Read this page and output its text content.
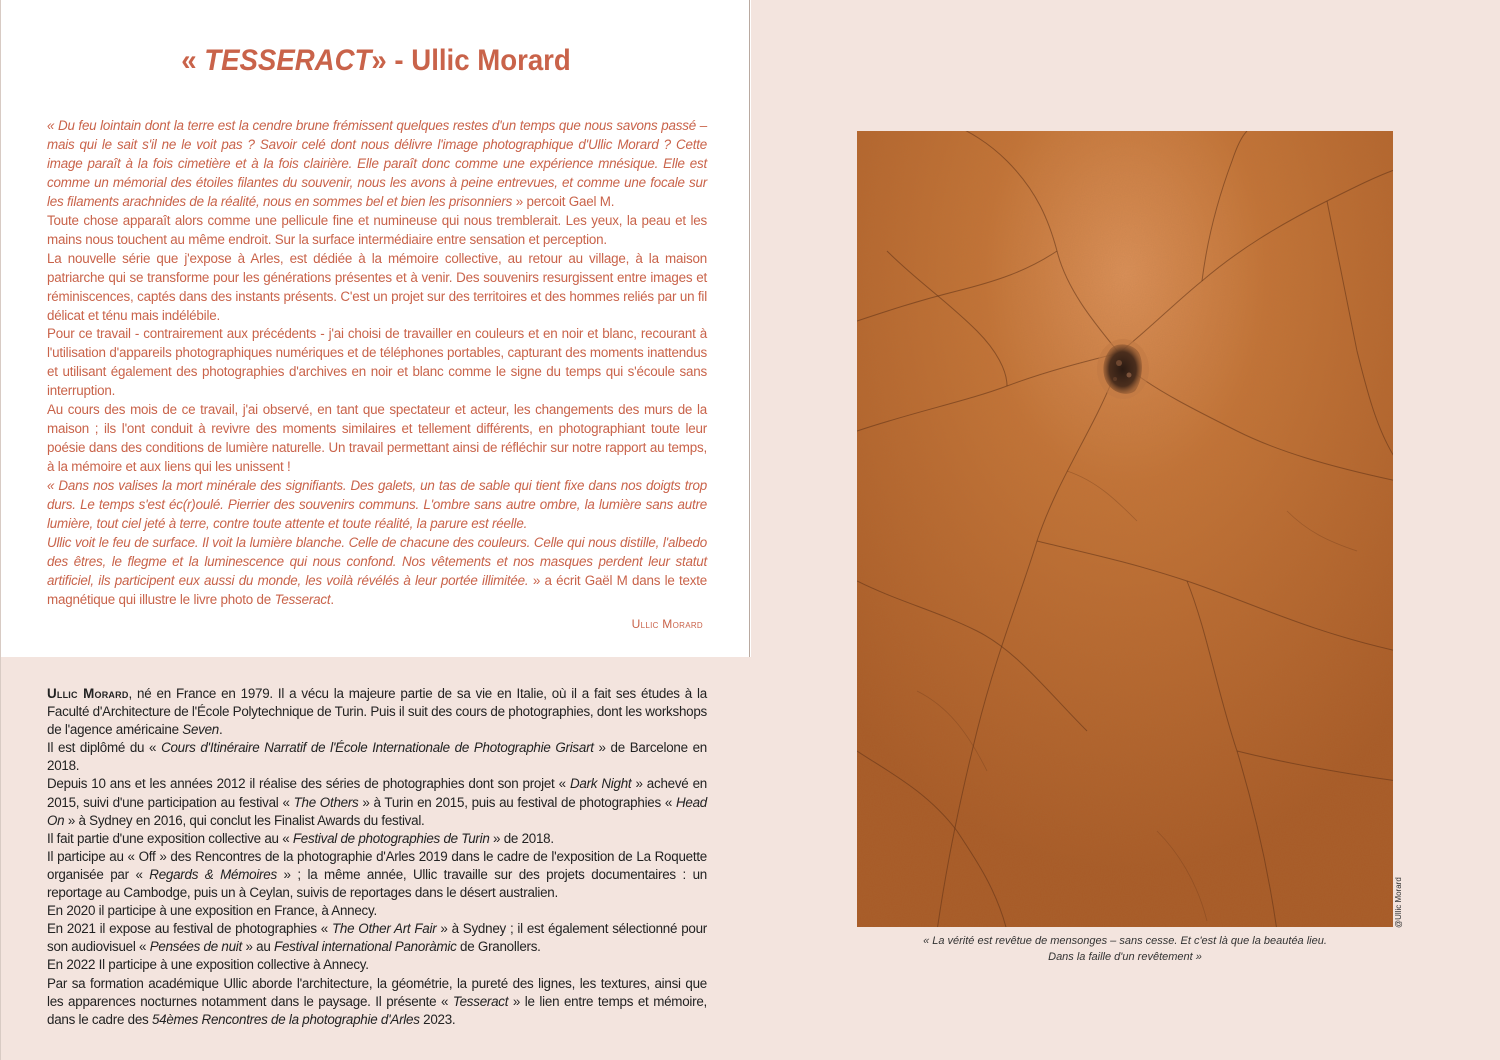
« TESSERACT» - Ullic Morard

« Du feu lointain dont la terre est la cendre brune frémissent quelques restes d'un temps que nous savons passé – mais qui le sait s'il ne le voit pas ? Savoir celé dont nous délivre l'image photographique d'Ullic Morard ? Cette image paraît à la fois cimetière et à la fois clairière. Elle paraît donc comme une expérience mnésique. Elle est comme un mémorial des étoiles filantes du souvenir, nous les avons à peine entrevues, et comme une focale sur les filaments arachnides de la réalité, nous en sommes bel et bien les prisonniers » percoit Gael M.

Toute chose apparaît alors comme une pellicule fine et numineuse qui nous tremblerait. Les yeux, la peau et les mains nous touchent au même endroit. Sur la surface intermédiaire entre sensation et perception.

La nouvelle série que j'expose à Arles, est dédiée à la mémoire collective, au retour au village, à la maison patriarche qui se transforme pour les générations présentes et à venir. Des souvenirs resurgissent entre images et réminiscences, captés dans des instants présents. C'est un projet sur des territoires et des hommes reliés par un fil délicat et ténu mais indélébile.

Pour ce travail - contrairement aux précédents - j'ai choisi de travailler en couleurs et en noir et blanc, recourant à l'utilisation d'appareils photographiques numériques et de téléphones portables, capturant des moments inattendus et utilisant également des photographies d'archives en noir et blanc comme le signe du temps qui s'écoule sans interruption.

Au cours des mois de ce travail, j'ai observé, en tant que spectateur et acteur, les changements des murs de la maison ; ils l'ont conduit à revivre des moments similaires et tellement différents, en photographiant toute leur poésie dans des conditions de lumière naturelle. Un travail permettant ainsi de réfléchir sur notre rapport au temps, à la mémoire et aux liens qui les unissent !

« Dans nos valises la mort minérale des signifiants. Des galets, un tas de sable qui tient fixe dans nos doigts trop durs. Le temps s'est éc(r)oulé. Pierrier des souvenirs communs. L'ombre sans autre ombre, la lumière sans autre lumière, tout ciel jeté à terre, contre toute attente et toute réalité, la parure est réelle.

Ullic voit le feu de surface. Il voit la lumière blanche. Celle de chacune des couleurs. Celle qui nous distille, l'albedo des êtres, le flegme et la luminescence qui nous confond. Nos vêtements et nos masques perdent leur statut artificiel, ils participent eux aussi du monde, les voilà révélés à leur portée illimitée. » a écrit Gaël M dans le texte magnétique qui illustre le livre photo de Tesseract.

Ullic Morard

Ullic Morard, né en France en 1979. Il a vécu la majeure partie de sa vie en Italie, où il a fait ses études à la Faculté d'Architecture de l'École Polytechnique de Turin. Puis il suit des cours de photographies, dont les workshops de l'agence américaine Seven.

Il est diplômé du « Cours d'Itinéraire Narratif de l'École Internationale de Photographie Grisart » de Barcelone en 2018.

Depuis 10 ans et les années 2012 il réalise des séries de photographies dont son projet « Dark Night » achevé en 2015, suivi d'une participation au festival « The Others » à Turin en 2015, puis au festival de photographies « Head On » à Sydney en 2016, qui conclut les Finalist Awards du festival.

Il fait partie d'une exposition collective au « Festival de photographies de Turin » de 2018.

Il participe au « Off » des Rencontres de la photographie d'Arles 2019 dans le cadre de l'exposition de La Roquette organisée par « Regards & Mémoires » ; la même année, Ullic travaille sur des projets documentaires : un reportage au Cambodge, puis un à Ceylan, suivis de reportages dans le désert australien.

En 2020 il participe à une exposition en France, à Annecy.

En 2021 il expose au festival de photographies « The Other Art Fair » à Sydney ; il est également sélectionné pour son audiovisuel « Pensées de nuit » au Festival international Panoràmic de Granollers.

En 2022 Il participe à une exposition collective à Annecy.

Par sa formation académique Ullic aborde l'architecture, la géométrie, la pureté des lignes, les textures, ainsi que les apparences nocturnes notamment dans le paysage. Il présente « Tesseract » le lien entre temps et mémoire, dans le cadre des 54èmes Rencontres de la photographie d'Arles 2023.

@Ullic Morard
« La vérité est revêtue de mensonges – sans cesse. Et c'est là que la beautéa lieu.
Dans la faille d'un revêtement »
